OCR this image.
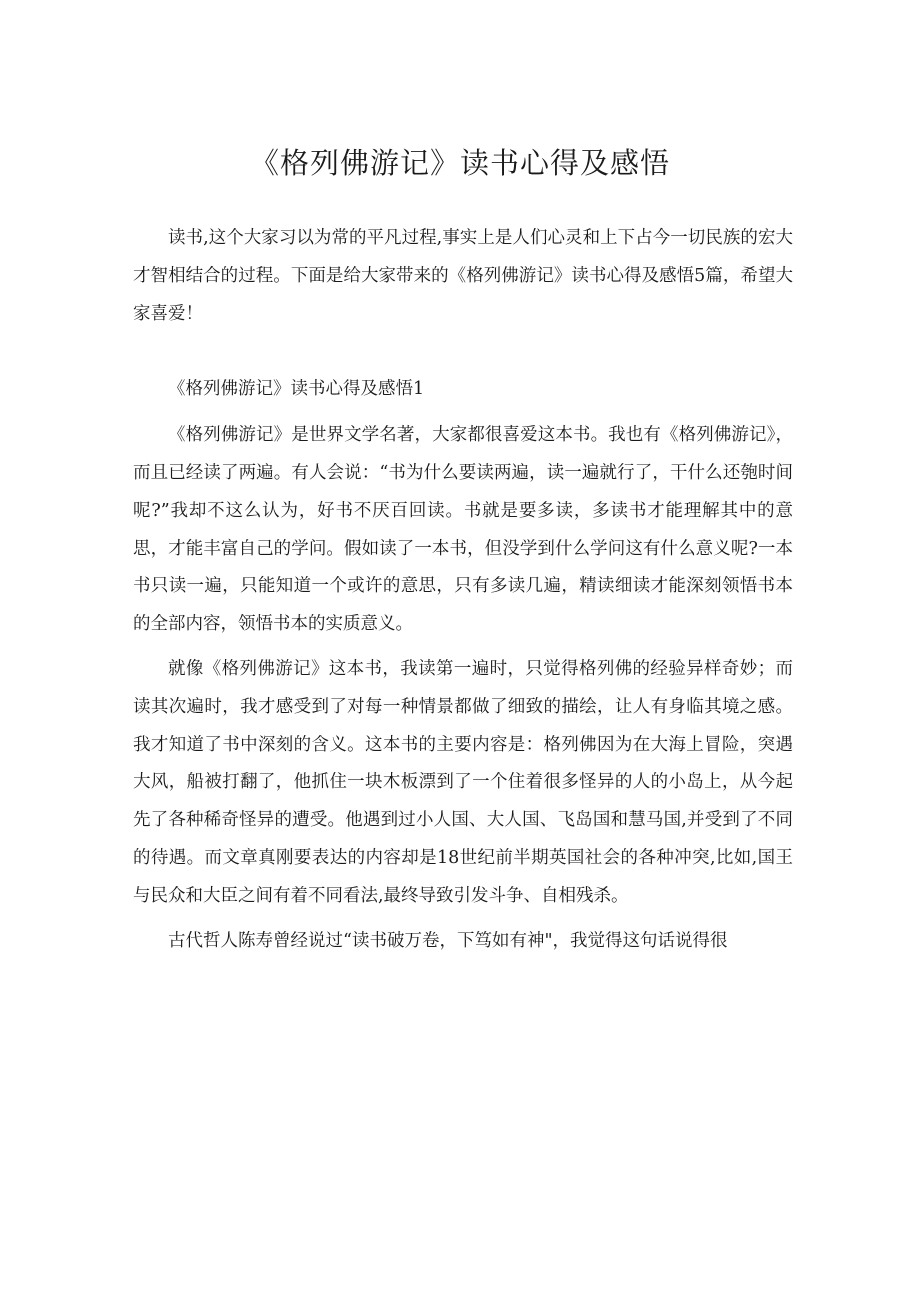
《格列佛游记》读书心得及感悟

读书,这个大家习以为常的平凡过程,事实上是人们心灵和上下占今一切民族的宏大才智相结合的过程。下面是给大家带来的《格列佛游记》读书心得及感悟5篇，希望大家喜爱！

《格列佛游记》读书心得及感悟1

《格列佛游记》是世界文学名著，大家都很喜爱这本书。我也有《格列佛游记》，而且已经读了两遍。有人会说：“书为什么要读两遍，读一遍就行了，干什么还匏时间呢?”我却不这么认为，好书不厌百回读。书就是要多读，多读书才能理解其中的意思，才能丰富自己的学问。假如读了一本书，但没学到什么学问这有什么意义呢?一本书只读一遍，只能知道一个或许的意思，只有多读几遍，精读细读才能深刻领悟书本的全部内容，领悟书本的实质意义。

就像《格列佛游记》这本书，我读第一遍时，只觉得格列佛的经验异样奇妙；而读其次遍时，我才感受到了对每一种情景都做了细致的描绘，让人有身临其境之感。我才知道了书中深刻的含义。这本书的主要内容是：格列佛因为在大海上冒险，突遇大风，船被打翻了，他抓住一块木板漂到了一个住着很多怪异的人的小岛上，从今起先了各种稀奇怪异的遭受。他遇到过小人国、大人国、飞岛国和慧马国,并受到了不同的待遇。而文章真刚要表达的内容却是18世纪前半期英国社会的各种冲突,比如,国王与民众和大臣之间有着不同看法,最终导致引发斗争、自相残杀。

古代哲人陈寿曾经说过“读书破万卷，下笃如有神"，我觉得这句话说得很
